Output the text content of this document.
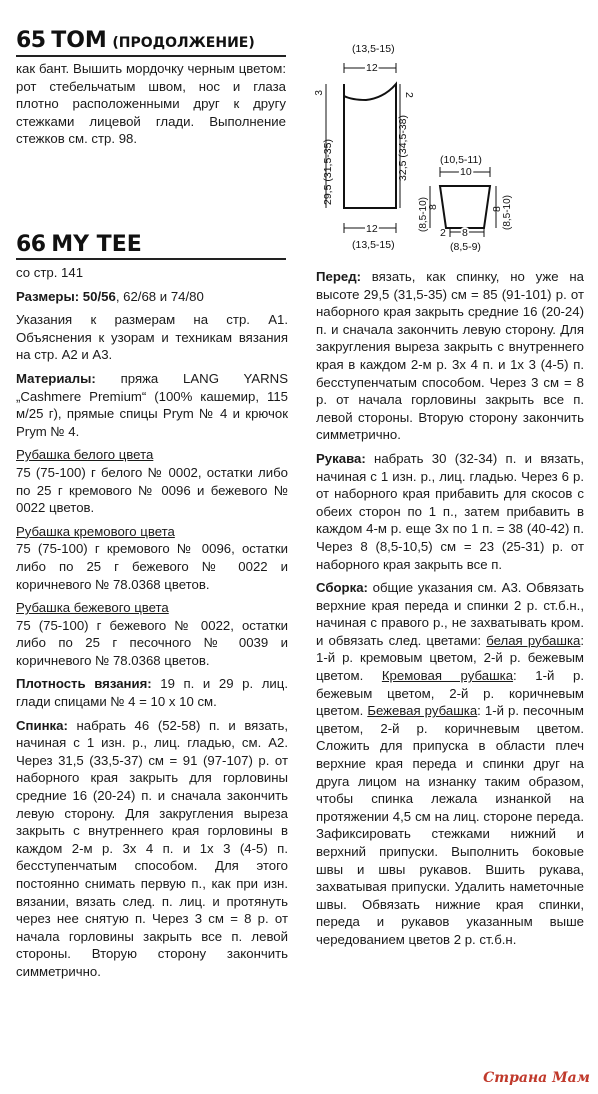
65 TOM (ПРОДОЛЖЕНИЕ)

как бант. Вышить мордочку черным цветом: рот стебельчатым швом, нос и глаза плотно расположенными друг к другу стежками лицевой глади. Выполнение стежков см. стр. 98.

(13,5-15)
12
3
29,5 (31,5-35)
2
32,5 (34,5-38)
12
(13,5-15)
(10,5-11)
10
(8,5-10)
8	8 (8,5-10)
2 8
(8,5-9)
66 MY TEE

со стр. 141

Размеры: 50/56, 62/68 и 74/80

Указания к размерам на стр. А1. Объяснения к узорам и техникам вязания на стр. А2 и А3.

Материалы: пряжа LANG YARNS „Cashmere Premium“ (100% кашемир, 115 м/25 г), прямые спицы Prym № 4 и крючок Prym № 4.

Рубашка белого цвета

75 (75-100) г белого № 0002, остатки либо по 25 г кремового № 0096 и бежевого № 0022 цветов.

Рубашка кремового цвета

75 (75-100) г кремового № 0096, остатки либо по 25 г бежевого № 0022 и коричневого № 78.0368 цветов.

Рубашка бежевого цвета

75 (75-100) г бежевого № 0022, остатки либо по 25 г песочного № 0039 и коричневого № 78.0368 цветов.

Плотность вязания: 19 п. и 29 р. лиц. глади спицами № 4 = 10 х 10 см.

Спинка: набрать 46 (52-58) п. и вязать, начиная с 1 изн. р., лиц. гладью, см. А2. Через 31,5 (33,5-37) см = 91 (97-107) р. от наборного края закрыть для горловины средние 16 (20-24) п. и сначала закончить левую сторону. Для закругления выреза закрыть с внутреннего края горловины в каждом 2-м р. 3х 4 п. и 1х 3 (4-5) п. бесступенчатым способом. Для этого постоянно снимать первую п., как при изн. вязании, вязать след. п. лиц. и протянуть через нее снятую п. Через 3 см = 8 р. от начала горловины закрыть все п. левой стороны. Вторую сторону закончить симметрично.

Перед: вязать, как спинку, но уже на высоте 29,5 (31,5-35) см = 85 (91-101) р. от наборного края закрыть средние 16 (20-24) п. и сначала закончить левую сторону. Для закругления выреза закрыть с внутреннего края в каждом 2-м р. 3х 4 п. и 1х 3 (4-5) п. бесступенчатым способом. Через 3 см = 8 р. от начала горловины закрыть все п. левой стороны. Вторую сторону закончить симметрично.

Рукава: набрать 30 (32-34) п. и вязать, начиная с 1 изн. р., лиц. гладью. Через 6 р. от наборного края прибавить для скосов с обеих сторон по 1 п., затем прибавить в каждом 4-м р. еще 3х по 1 п. = 38 (40-42) п. Через 8 (8,5-10,5) см = 23 (25-31) р. от наборного края закрыть все п.

Сборка: общие указания см. А3. Обвязать верхние края переда и спинки 2 р. ст.б.н., начиная с правого р., не захватывать кром. и обвязать след. цветами: белая рубашка: 1-й р. кремовым цветом, 2-й р. бежевым цветом. Кремовая рубашка: 1-й р. бежевым цветом, 2-й р. коричневым цветом. Бежевая рубашка: 1-й р. песочным цветом, 2-й р. коричневым цветом. Сложить для припуска в области плеч верхние края переда и спинки друг на друга лицом на изнанку таким образом, чтобы спинка лежала изнанкой на протяжении 4,5 см на лиц. стороне переда. Зафиксировать стежками нижний и верхний припуски. Выполнить боковые швы и швы рукавов. Вшить рукава, захватывая припуски. Удалить наметочные швы. Обвязать нижние края спинки, переда и рукавов указанным выше чередованием цветов 2 р. ст.б.н.

Страна Мам
